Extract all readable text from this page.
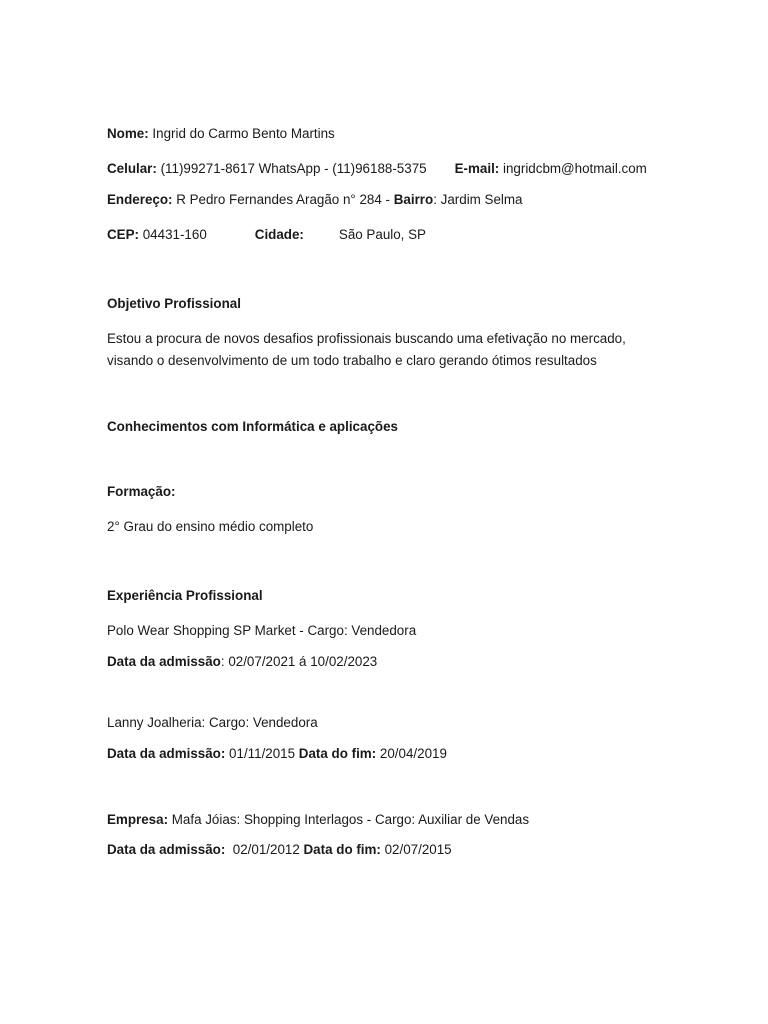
Nome: Ingrid do Carmo Bento Martins
Celular: (11)99271-8617 WhatsApp - (11)96188-5375 E-mail: ingridcbm@hotmail.com
Endereço: R Pedro Fernandes Aragão n° 284 - Bairro: Jardim Selma
CEP: 04431-160	Cidade:	São Paulo, SP
Objetivo Profissional
Estou a procura de novos desafios profissionais buscando uma efetivação no mercado,
visando o desenvolvimento de um todo trabalho e claro gerando ótimos resultados
Conhecimentos com Informática e aplicações
Formação:
2° Grau do ensino médio completo
Experiência Profissional
Polo Wear Shopping SP Market - Cargo: Vendedora
Data da admissão: 02/07/2021 á 10/02/2023
Lanny Joalheria: Cargo: Vendedora
Data da admissão: 01/11/2015 Data do fim: 20/04/2019
Empresa: Mafa Jóias: Shopping Interlagos - Cargo: Auxiliar de Vendas
Data da admissão:  02/01/2012 Data do fim: 02/07/2015
